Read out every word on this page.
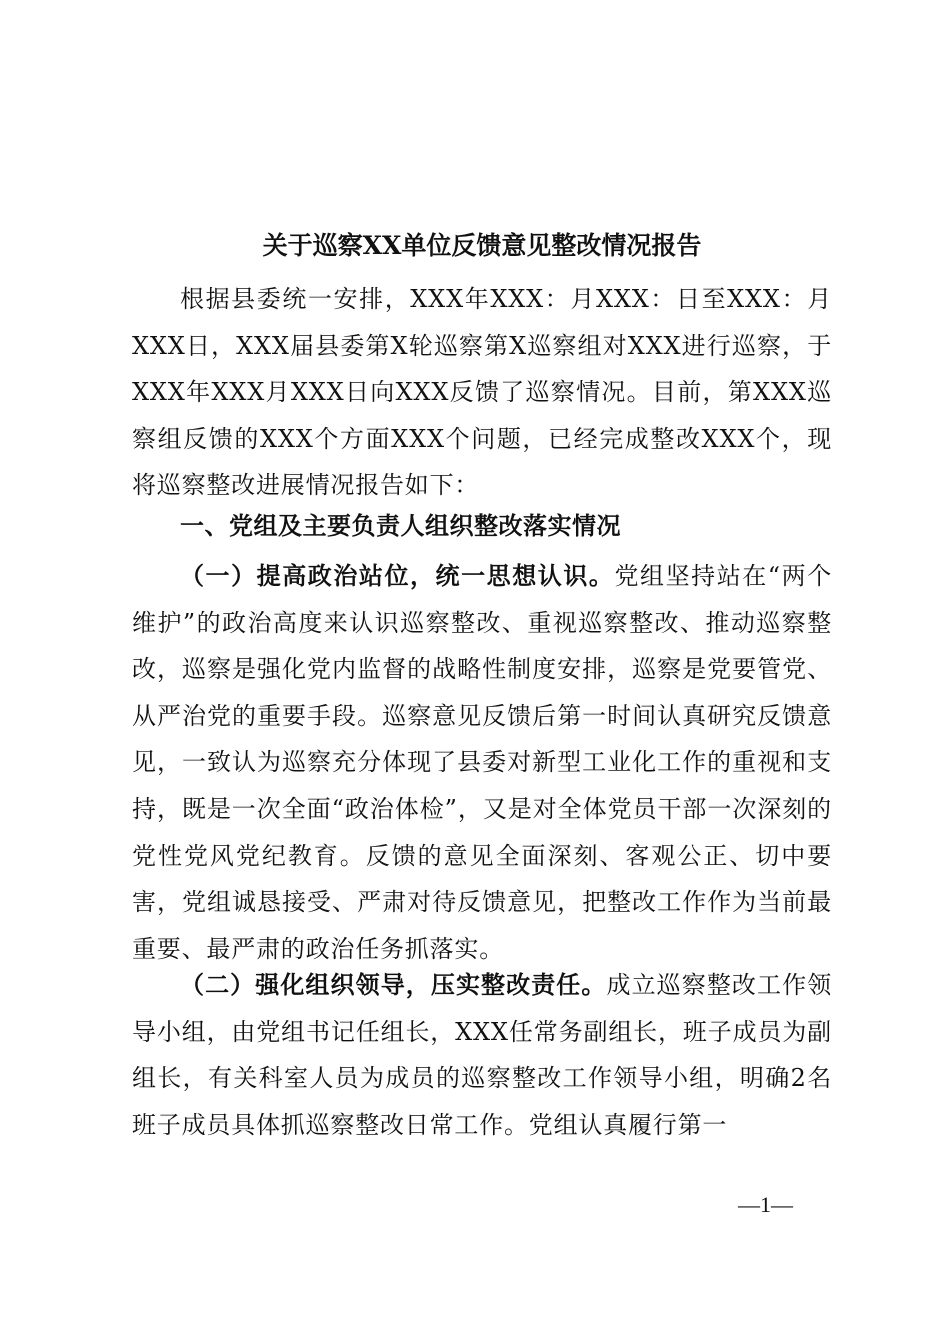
关于巡察XX单位反馈意见整改情况报告

根据县委统一安排，XXX年XXX：月XXX：日至XXX：月XXX日，XXX届县委第X轮巡察第X巡察组对XXX进行巡察，于XXX年XXX月XXX日向XXX反馈了巡察情况。目前，第XXX巡察组反馈的XXX个方面XXX个问题，已经完成整改XXX个，现将巡察整改进展情况报告如下：

一、党组及主要负责人组织整改落实情况

（一）提高政治站位，统一思想认识。党组坚持站在“两个维护”的政治高度来认识巡察整改、重视巡察整改、推动巡察整改，巡察是强化党内监督的战略性制度安排，巡察是党要管党、从严治党的重要手段。巡察意见反馈后第一时间认真研究反馈意见，一致认为巡察充分体现了县委对新型工业化工作的重视和支持，既是一次全面“政治体检”，又是对全体党员干部一次深刻的党性党风党纪教育。反馈的意见全面深刻、客观公正、切中要害，党组诚恳接受、严肃对待反馈意见，把整改工作作为当前最重要、最严肃的政治任务抓落实。

（二）强化组织领导，压实整改责任。成立巡察整改工作领导小组，由党组书记任组长，XXX任常务副组长，班子成员为副组长，有关科室人员为成员的巡察整改工作领导小组，明确2名班子成员具体抓巡察整改日常工作。党组认真履行第一

—1—
